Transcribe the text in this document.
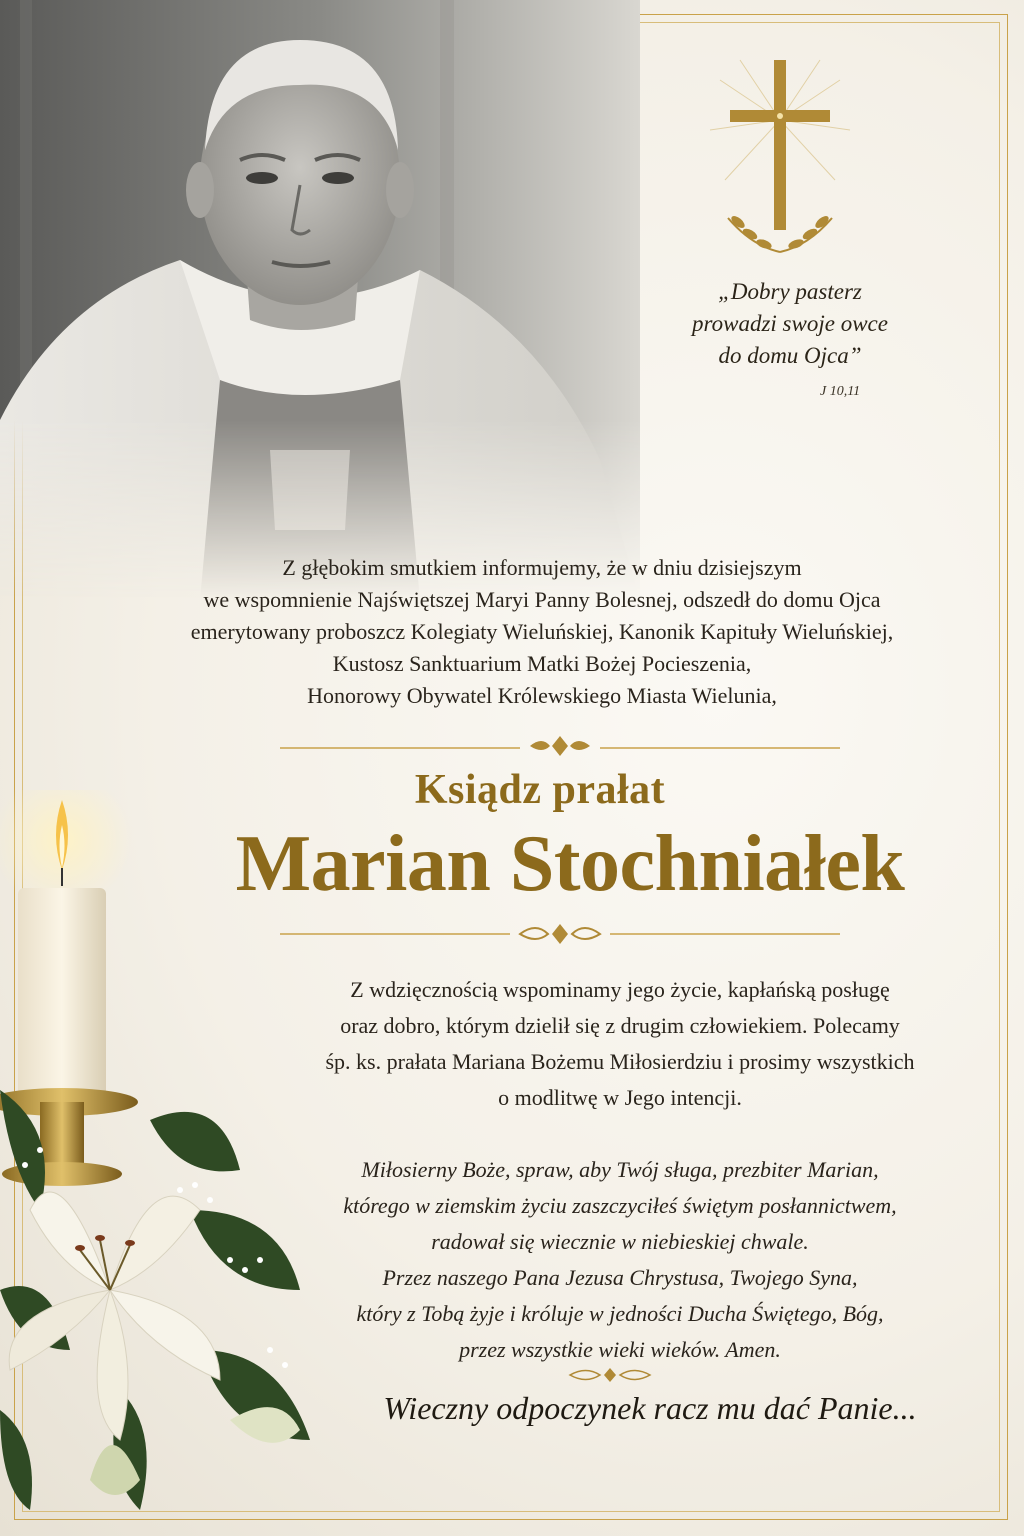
„Dobry pasterz
prowadzi swoje owce
do domu Ojca”
J 10,11
Z głębokim smutkiem informujemy, że w dniu dzisiejszym
we wspomnienie Najświętszej Maryi Panny Bolesnej, odszedł do domu Ojca
emerytowany proboszcz Kolegiaty Wieluńskiej, Kanonik Kapituły Wieluńskiej,
Kustosz Sanktuarium Matki Bożej Pocieszenia,
Honorowy Obywatel Królewskiego Miasta Wielunia,
Ksiądz prałat
Marian Stochniałek
Z wdzięcznością wspominamy jego życie, kapłańską posługę
oraz dobro, którym dzielił się z drugim człowiekiem. Polecamy
śp. ks. prałata Mariana Bożemu Miłosierdziu i prosimy wszystkich
o modlitwę w Jego intencji.
Miłosierny Boże, spraw, aby Twój sługa, prezbiter Marian,
którego w ziemskim życiu zaszczyciłeś świętym posłannictwem,
radował się wiecznie w niebieskiej chwale.
Przez naszego Pana Jezusa Chrystusa, Twojego Syna,
który z Tobą żyje i króluje w jedności Ducha Świętego, Bóg,
przez wszystkie wieki wieków. Amen.
Wieczny odpoczynek racz mu dać Panie...
